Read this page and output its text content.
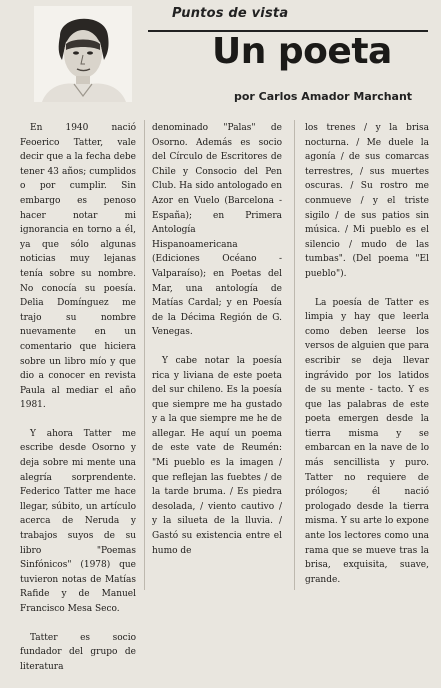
Puntos de vista
Un poeta
por Carlos Amador Marchant

En 1940 nació Feoerico Tatter, vale decir que a la fecha debe tener 43 años; cumplidos o por cumplir. Sin embargo es penoso hacer notar mi ignorancia en torno a él, ya que sólo algunas noticias muy lejanas tenía sobre su nombre. No conocía su poesía. Delia Domínguez me trajo su nombre nuevamente en un comentario que hiciera sobre un libro mío y que dio a conocer en revista Paula al mediar el año 1981.

Y ahora Tatter me escribe desde Osorno y deja sobre mi mente una alegría sorprendente. Federico Tatter me hace llegar, súbito, un artículo acerca de Neruda y trabajos suyos de su libro "Poemas Sinfónicos" (1978) que tuvieron notas de Matías Rafide y de Manuel Francisco Mesa Seco.

Tatter es socio fundador del grupo de literatura

denominado "Palas" de Osorno. Además es socio del Círculo de Escritores de Chile y Consocio del Pen Club. Ha sido antologado en Azor en Vuelo (Barcelona - España); en Primera Antología Hispanoamericana (Ediciones Océano - Valparaíso); en Poetas del Mar, una antología de Matías Cardal; y en Poesía de la Décima Región de G. Venegas.

Y cabe notar la poesía rica y liviana de este poeta del sur chileno. Es la poesía que siempre me ha gustado y a la que siempre me he de allegar. He aquí un poema de este vate de Reumén: "Mi pueblo es la imagen / que reflejan las fuebtes / de la tarde bruma. / Es piedra desolada, / viento cautivo / y la silueta de la lluvia. / Gastó su existencia entre el humo de

los trenes / y la brisa nocturna. / Me duele la agonía / de sus comarcas terrestres, / sus muertes oscuras. / Su rostro me conmueve / y el triste sigilo / de sus patios sin música. / Mi pueblo es el silencio / mudo de las tumbas". (Del poema "El pueblo").

La poesía de Tatter es limpia y hay que leerla como deben leerse los versos de alguien que para escribir se deja llevar ingrávido por los latidos de su mente - tacto. Y es que las palabras de este poeta emergen desde la tierra misma y se embarcan en la nave de lo más sencillista y puro. Tatter no requiere de prólogos; él nació prologado desde la tierra misma. Y su arte lo expone ante los lectores como una rama que se mueve tras la brisa, exquisita, suave, grande.
